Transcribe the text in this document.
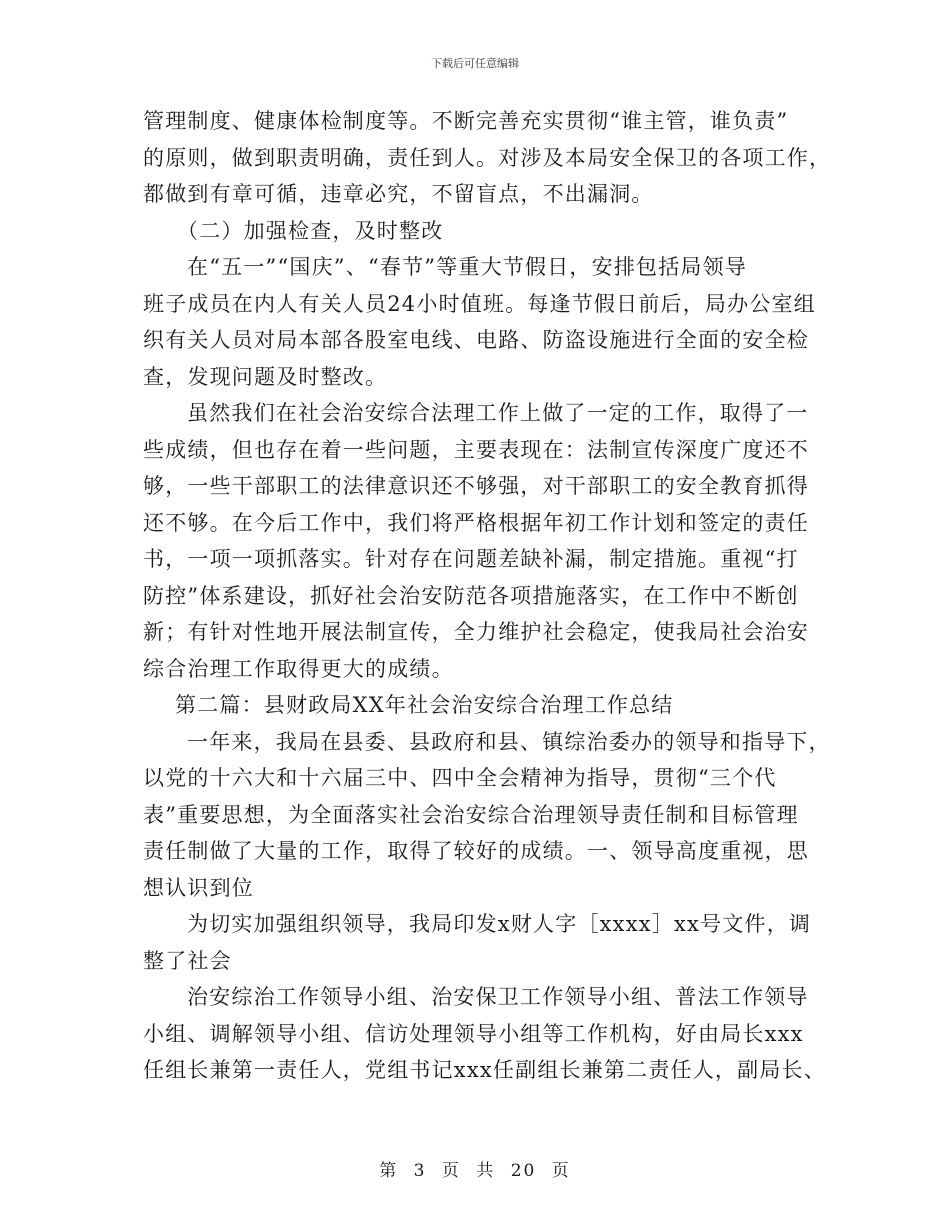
下载后可任意编辑

管理制度、健康体检制度等。不断完善充实贯彻“谁主管，谁负责”
的原则，做到职责明确，责任到人。对涉及本局安全保卫的各项工作，
都做到有章可循，违章必究，不留盲点，不出漏洞。

（二）加强检查，及时整改

在“五一”“国庆”、“春节”等重大节假日，安排包括局领导
班子成员在内人有关人员24小时值班。每逢节假日前后，局办公室组
织有关人员对局本部各股室电线、电路、防盗设施进行全面的安全检
查，发现问题及时整改。

虽然我们在社会治安综合法理工作上做了一定的工作，取得了一
些成绩，但也存在着一些问题，主要表现在：法制宣传深度广度还不
够，一些干部职工的法律意识还不够强，对干部职工的安全教育抓得
还不够。在今后工作中，我们将严格根据年初工作计划和签定的责任
书，一项一项抓落实。针对存在问题差缺补漏，制定措施。重视“打
防控”体系建设，抓好社会治安防范各项措施落实，在工作中不断创
新；有针对性地开展法制宣传，全力维护社会稳定，使我局社会治安
综合治理工作取得更大的成绩。

第二篇：县财政局XX年社会治安综合治理工作总结

一年来，我局在县委、县政府和县、镇综治委办的领导和指导下，
以党的十六大和十六届三中、四中全会精神为指导，贯彻“三个代
表”重要思想，为全面落实社会治安综合治理领导责任制和目标管理
责任制做了大量的工作，取得了较好的成绩。一、领导高度重视，思
想认识到位

为切实加强组织领导，我局印发x财人字［xxxx］xx号文件，调
整了社会

治安综治工作领导小组、治安保卫工作领导小组、普法工作领导
小组、调解领导小组、信访处理领导小组等工作机构，好由局长xxx
任组长兼第一责任人，党组书记xxx任副组长兼第二责任人，副局长、

第 3 页 共 20 页
